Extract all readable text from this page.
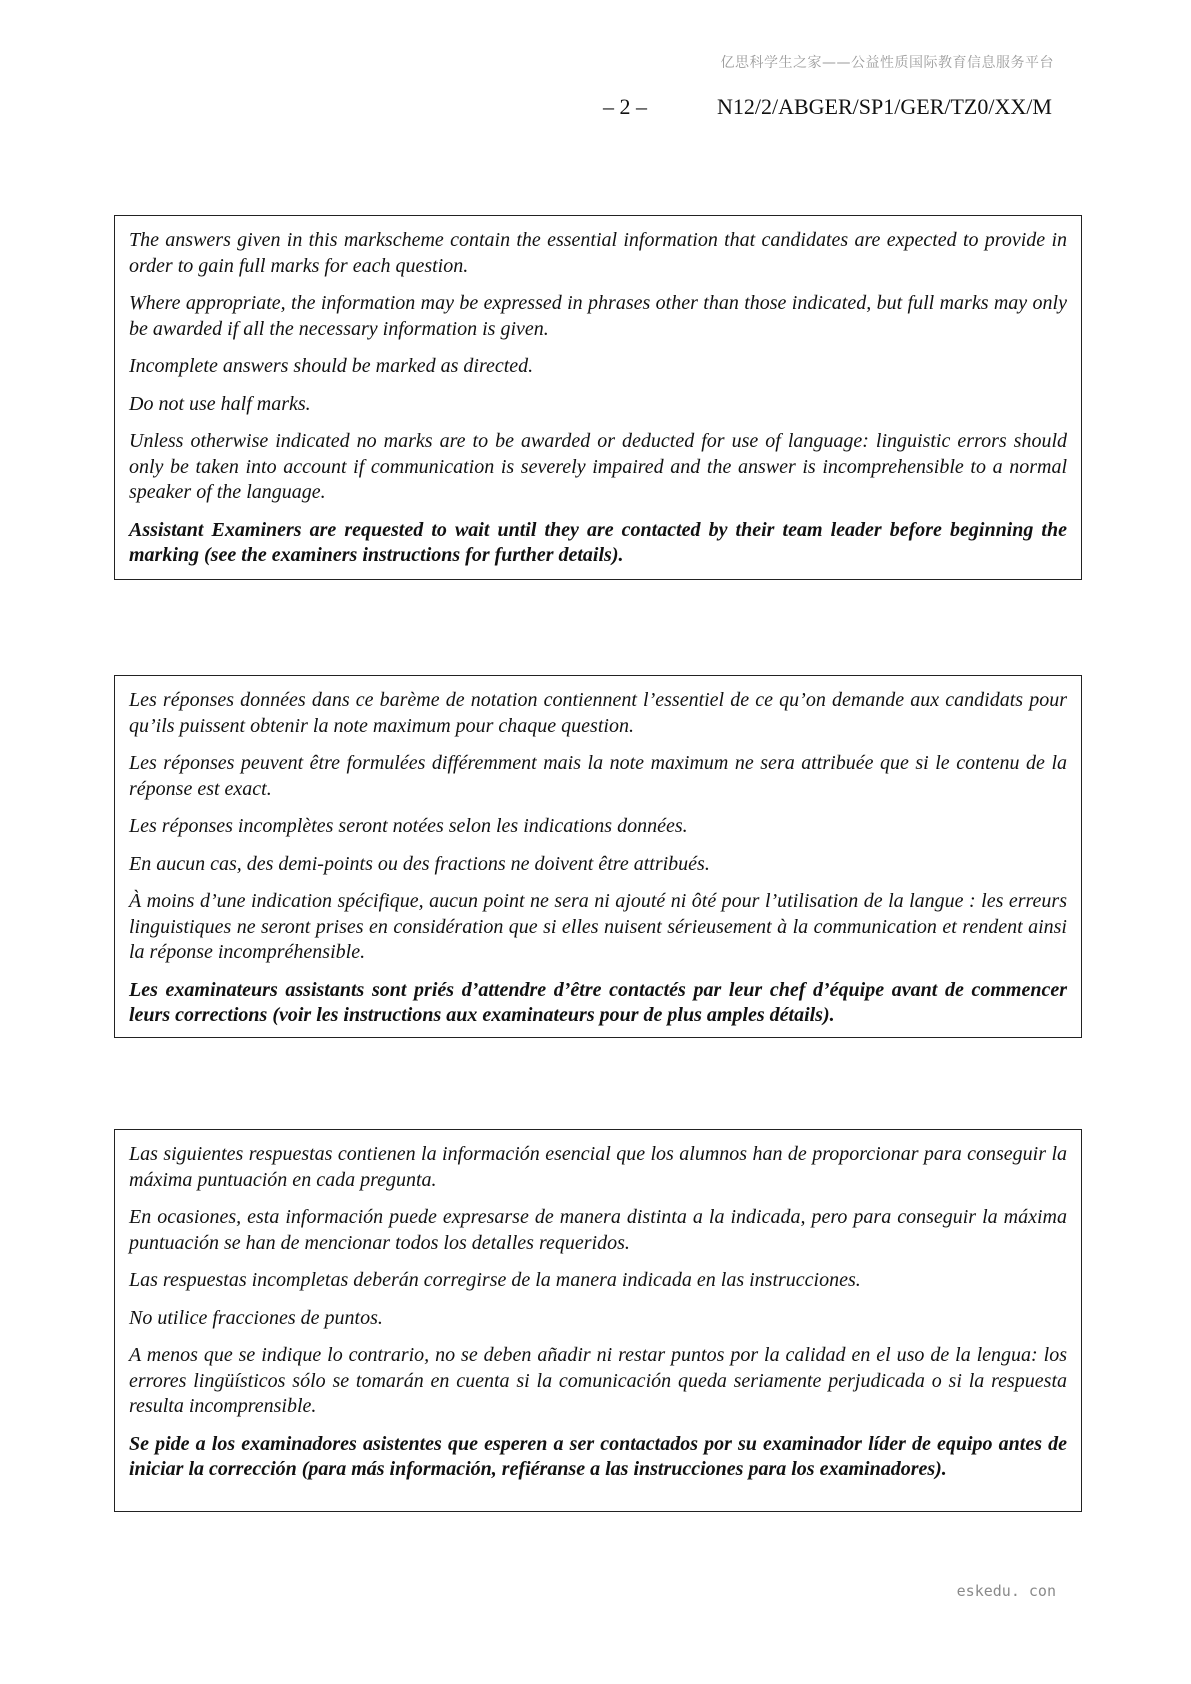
亿思科学生之家——公益性质国际教育信息服务平台
– 2 –	N12/2/ABGER/SP1/GER/TZ0/XX/M

The answers given in this markscheme contain the essential information that candidates are expected to provide in order to gain full marks for each question.

Where appropriate, the information may be expressed in phrases other than those indicated, but full marks may only be awarded if all the necessary information is given.

Incomplete answers should be marked as directed.

Do not use half marks.

Unless otherwise indicated no marks are to be awarded or deducted for use of language: linguistic errors should only be taken into account if communication is severely impaired and the answer is incomprehensible to a normal speaker of the language.

Assistant Examiners are requested to wait until they are contacted by their team leader before beginning the marking (see the examiners instructions for further details).

Les réponses données dans ce barème de notation contiennent l’essentiel de ce qu’on demande aux candidats pour qu’ils puissent obtenir la note maximum pour chaque question.

Les réponses peuvent être formulées différemment mais la note maximum ne sera attribuée que si le contenu de la réponse est exact.

Les réponses incomplètes seront notées selon les indications données.

En aucun cas, des demi-points ou des fractions ne doivent être attribués.

À moins d’une indication spécifique, aucun point ne sera ni ajouté ni ôté pour l’utilisation de la langue : les erreurs linguistiques ne seront prises en considération que si elles nuisent sérieusement à la communication et rendent ainsi la réponse incompréhensible.

Les examinateurs assistants sont priés d’attendre d’être contactés par leur chef d’équipe avant de commencer leurs corrections (voir les instructions aux examinateurs pour de plus amples détails).

Las siguientes respuestas contienen la información esencial que los alumnos han de proporcionar para conseguir la máxima puntuación en cada pregunta.

En ocasiones, esta información puede expresarse de manera distinta a la indicada, pero para conseguir la máxima puntuación se han de mencionar todos los detalles requeridos.

Las respuestas incompletas deberán corregirse de la manera indicada en las instrucciones.

No utilice fracciones de puntos.

A menos que se indique lo contrario, no se deben añadir ni restar puntos por la calidad en el uso de la lengua: los errores lingüísticos sólo se tomarán en cuenta si la comunicación queda seriamente perjudicada o si la respuesta resulta incomprensible.

Se pide a los examinadores asistentes que esperen a ser contactados por su examinador líder de equipo antes de iniciar la corrección (para más información, refiéranse a las instrucciones para los examinadores).

eskedu. con
